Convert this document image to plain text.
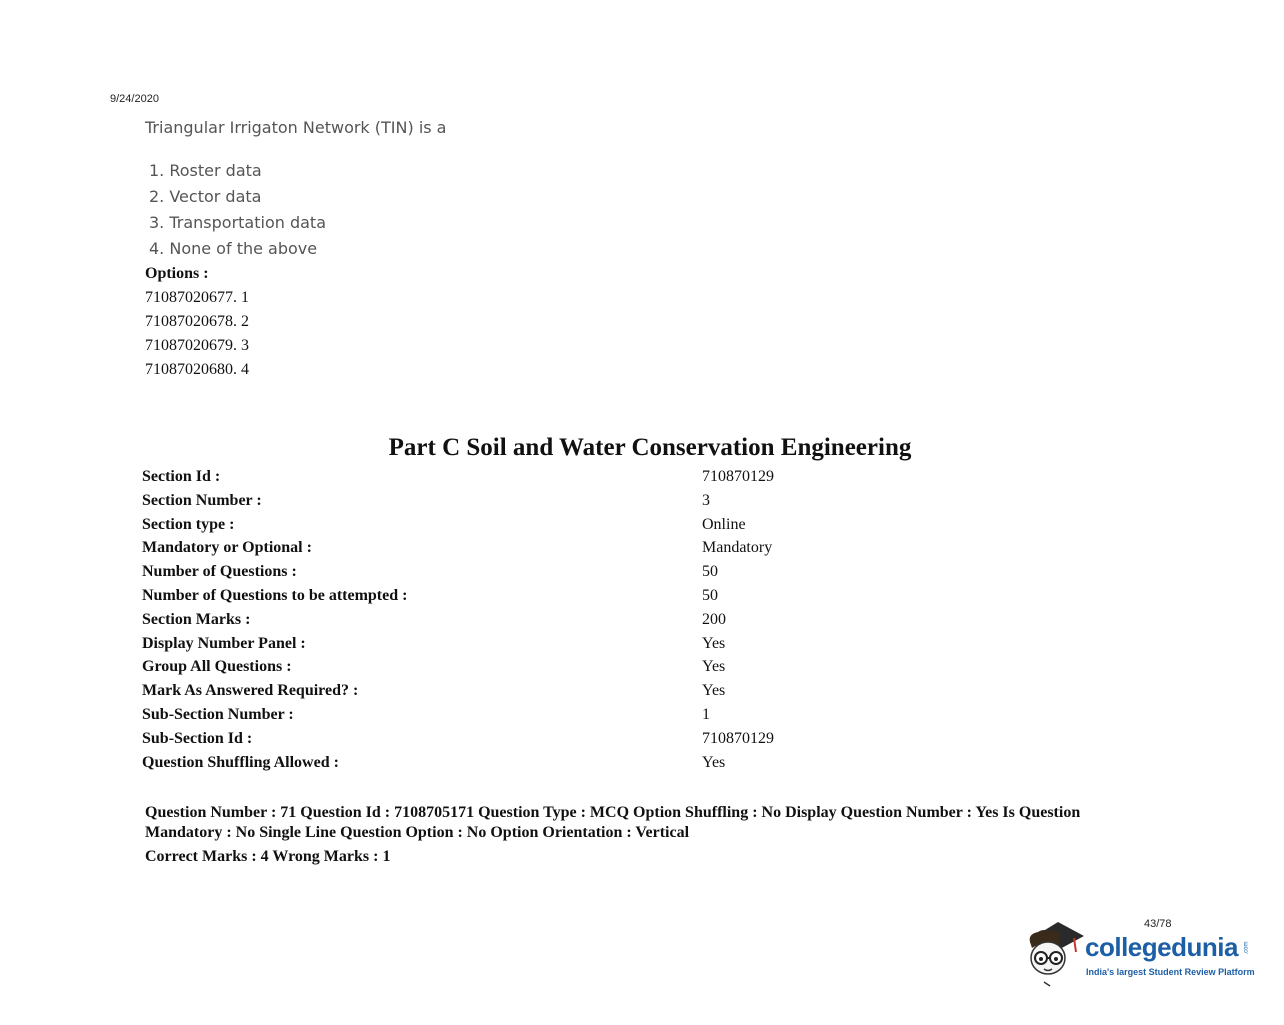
9/24/2020
Triangular Irrigaton Network (TIN) is a
1. Roster data
2. Vector data
3. Transportation data
4. None of the above
Options :
71087020677. 1
71087020678. 2
71087020679. 3
71087020680. 4
Part C Soil and Water Conservation Engineering
Section Id :	710870129
Section Number :	3
Section type :	Online
Mandatory or Optional :	Mandatory
Number of Questions :	50
Number of Questions to be attempted :	50
Section Marks :	200
Display Number Panel :	Yes
Group All Questions :	Yes
Mark As Answered Required? :	Yes
Sub-Section Number :	1
Sub-Section Id :	710870129
Question Shuffling Allowed :	Yes
Question Number : 71 Question Id : 7108705171 Question Type : MCQ Option Shuffling : No Display Question Number : Yes Is Question Mandatory : No Single Line Question Option : No Option Orientation : Vertical
Correct Marks : 4 Wrong Marks : 1
43/78
collegedunia .com
India's largest Student Review Platform
